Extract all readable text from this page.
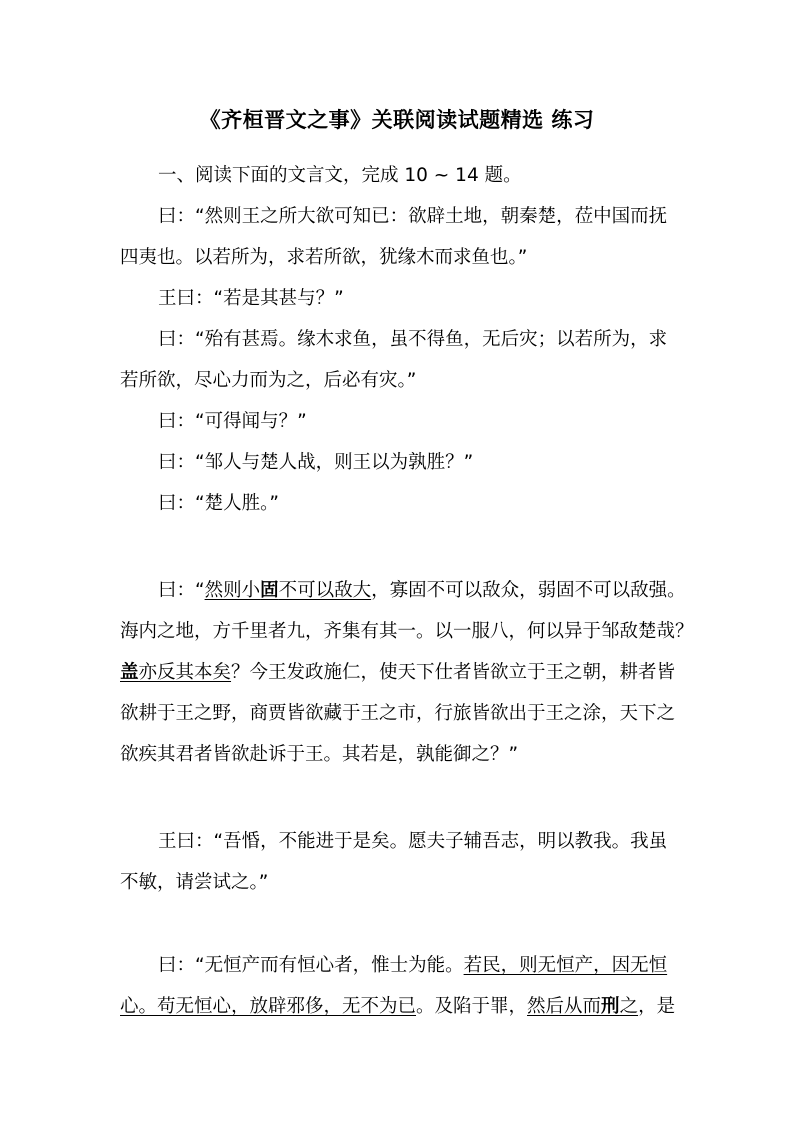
《齐桓晋文之事》关联阅读试题精选 练习

一、阅读下面的文言文，完成 10 ~ 14 题。

曰：“然则王之所大欲可知已：欲辟土地，朝秦楚，莅中国而抚

四夷也。以若所为，求若所欲，犹缘木而求鱼也。”

王曰：“若是其甚与？”

曰：“殆有甚焉。缘木求鱼，虽不得鱼，无后灾；以若所为，求

若所欲，尽心力而为之，后必有灾。”

曰：“可得闻与？”

曰：“邹人与楚人战，则王以为孰胜？”

曰：“楚人胜。”

曰：“然则小固不可以敌大，寡固不可以敌众，弱固不可以敌强。

海内之地，方千里者九，齐集有其一。以一服八，何以异于邹敌楚哉？

盖亦反其本矣？今王发政施仁，使天下仕者皆欲立于王之朝，耕者皆

欲耕于王之野，商贾皆欲藏于王之市，行旅皆欲出于王之涂，天下之

欲疾其君者皆欲赴诉于王。其若是，孰能御之？”

王曰：“吾惛，不能进于是矣。愿夫子辅吾志，明以教我。我虽

不敏，请尝试之。”

曰：“无恒产而有恒心者，惟士为能。若民，则无恒产，因无恒

心。苟无恒心，放辟邪侈，无不为已。及陷于罪，然后从而刑之，是
